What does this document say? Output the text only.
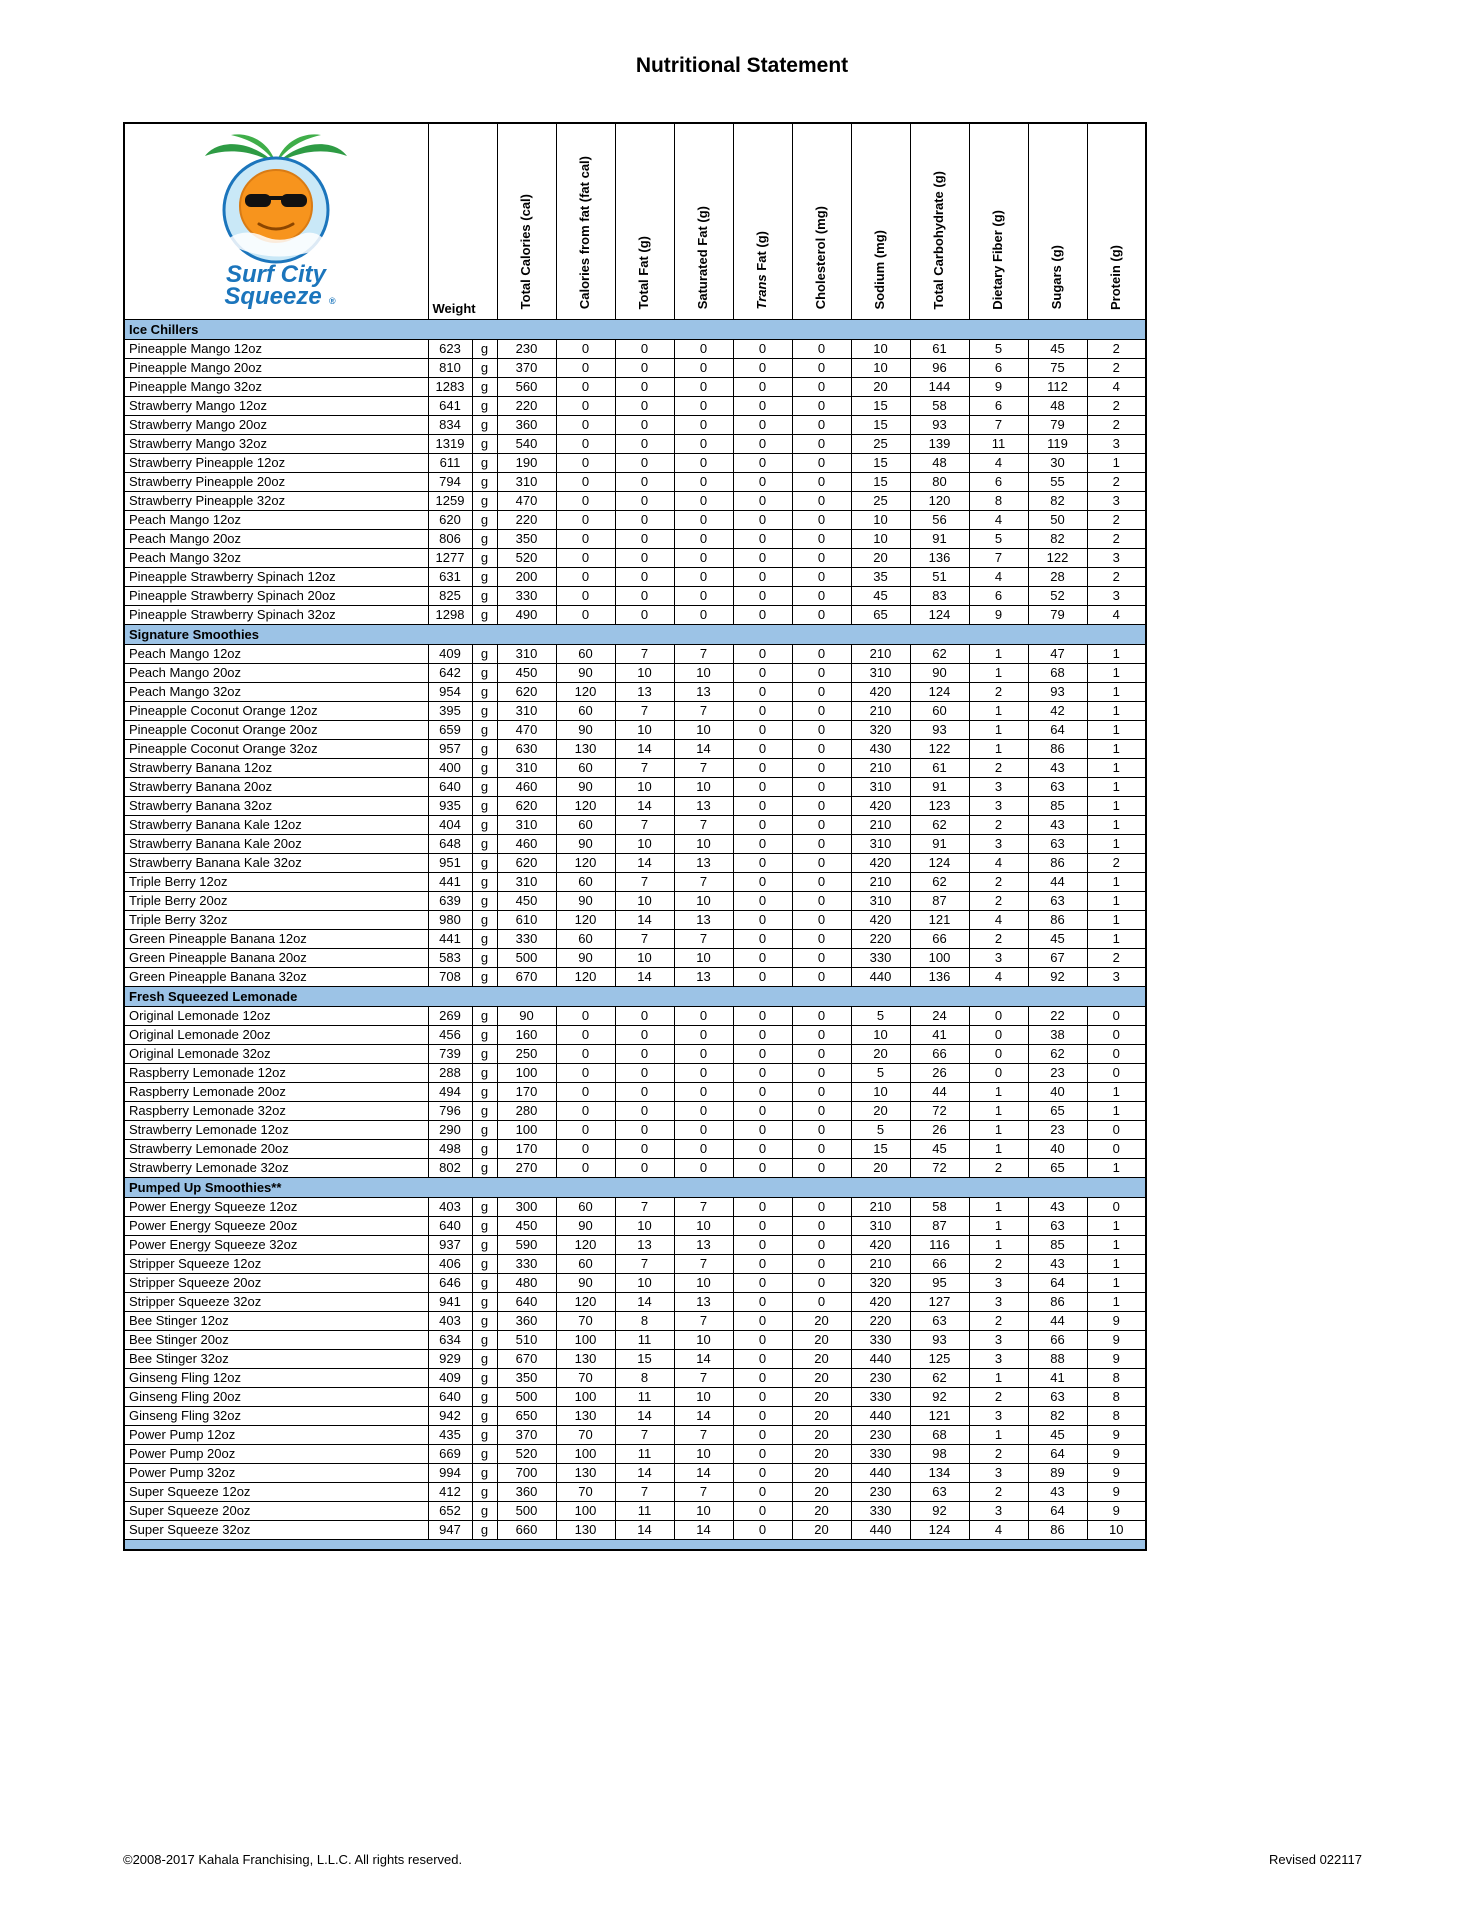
Nutritional Statement
Surf City
Squeeze ®	Weight		Total Calories (cal)	Calories from fat (fat cal)	Total Fat (g)	Saturated Fat (g)	Trans Fat (g)	Cholesterol (mg)	Sodium (mg)	Total Carbohydrate (g)	Dietary Fiber (g)	Sugars (g)	Protein (g)
Ice Chillers													
Pineapple Mango 12oz	623	g	230	0	0	0	0	0	10	61	5	45	2
Pineapple Mango 20oz	810	g	370	0	0	0	0	0	10	96	6	75	2
Pineapple Mango 32oz	1283	g	560	0	0	0	0	0	20	144	9	112	4
Strawberry Mango 12oz	641	g	220	0	0	0	0	0	15	58	6	48	2
Strawberry Mango 20oz	834	g	360	0	0	0	0	0	15	93	7	79	2
Strawberry Mango 32oz	1319	g	540	0	0	0	0	0	25	139	11	119	3
Strawberry Pineapple 12oz	611	g	190	0	0	0	0	0	15	48	4	30	1
Strawberry Pineapple 20oz	794	g	310	0	0	0	0	0	15	80	6	55	2
Strawberry Pineapple 32oz	1259	g	470	0	0	0	0	0	25	120	8	82	3
Peach Mango 12oz	620	g	220	0	0	0	0	0	10	56	4	50	2
Peach Mango 20oz	806	g	350	0	0	0	0	0	10	91	5	82	2
Peach Mango 32oz	1277	g	520	0	0	0	0	0	20	136	7	122	3
Pineapple Strawberry Spinach 12oz	631	g	200	0	0	0	0	0	35	51	4	28	2
Pineapple Strawberry Spinach 20oz	825	g	330	0	0	0	0	0	45	83	6	52	3
Pineapple Strawberry Spinach 32oz	1298	g	490	0	0	0	0	0	65	124	9	79	4
Signature Smoothies													
Peach Mango 12oz	409	g	310	60	7	7	0	0	210	62	1	47	1
Peach Mango 20oz	642	g	450	90	10	10	0	0	310	90	1	68	1
Peach Mango 32oz	954	g	620	120	13	13	0	0	420	124	2	93	1
Pineapple Coconut Orange 12oz	395	g	310	60	7	7	0	0	210	60	1	42	1
Pineapple Coconut Orange 20oz	659	g	470	90	10	10	0	0	320	93	1	64	1
Pineapple Coconut Orange 32oz	957	g	630	130	14	14	0	0	430	122	1	86	1
Strawberry Banana 12oz	400	g	310	60	7	7	0	0	210	61	2	43	1
Strawberry Banana 20oz	640	g	460	90	10	10	0	0	310	91	3	63	1
Strawberry Banana 32oz	935	g	620	120	14	13	0	0	420	123	3	85	1
Strawberry Banana Kale 12oz	404	g	310	60	7	7	0	0	210	62	2	43	1
Strawberry Banana Kale 20oz	648	g	460	90	10	10	0	0	310	91	3	63	1
Strawberry Banana Kale 32oz	951	g	620	120	14	13	0	0	420	124	4	86	2
Triple Berry 12oz	441	g	310	60	7	7	0	0	210	62	2	44	1
Triple Berry 20oz	639	g	450	90	10	10	0	0	310	87	2	63	1
Triple Berry 32oz	980	g	610	120	14	13	0	0	420	121	4	86	1
Green Pineapple Banana 12oz	441	g	330	60	7	7	0	0	220	66	2	45	1
Green Pineapple Banana 20oz	583	g	500	90	10	10	0	0	330	100	3	67	2
Green Pineapple Banana 32oz	708	g	670	120	14	13	0	0	440	136	4	92	3
Fresh Squeezed Lemonade													
Original Lemonade 12oz	269	g	90	0	0	0	0	0	5	24	0	22	0
Original Lemonade 20oz	456	g	160	0	0	0	0	0	10	41	0	38	0
Original Lemonade 32oz	739	g	250	0	0	0	0	0	20	66	0	62	0
Raspberry Lemonade 12oz	288	g	100	0	0	0	0	0	5	26	0	23	0
Raspberry Lemonade 20oz	494	g	170	0	0	0	0	0	10	44	1	40	1
Raspberry Lemonade 32oz	796	g	280	0	0	0	0	0	20	72	1	65	1
Strawberry Lemonade 12oz	290	g	100	0	0	0	0	0	5	26	1	23	0
Strawberry Lemonade 20oz	498	g	170	0	0	0	0	0	15	45	1	40	0
Strawberry Lemonade 32oz	802	g	270	0	0	0	0	0	20	72	2	65	1
Pumped Up Smoothies**													
Power Energy Squeeze 12oz	403	g	300	60	7	7	0	0	210	58	1	43	0
Power Energy Squeeze 20oz	640	g	450	90	10	10	0	0	310	87	1	63	1
Power Energy Squeeze 32oz	937	g	590	120	13	13	0	0	420	116	1	85	1
Stripper Squeeze 12oz	406	g	330	60	7	7	0	0	210	66	2	43	1
Stripper Squeeze 20oz	646	g	480	90	10	10	0	0	320	95	3	64	1
Stripper Squeeze 32oz	941	g	640	120	14	13	0	0	420	127	3	86	1
Bee Stinger 12oz	403	g	360	70	8	7	0	20	220	63	2	44	9
Bee Stinger 20oz	634	g	510	100	11	10	0	20	330	93	3	66	9
Bee Stinger 32oz	929	g	670	130	15	14	0	20	440	125	3	88	9
Ginseng Fling 12oz	409	g	350	70	8	7	0	20	230	62	1	41	8
Ginseng Fling 20oz	640	g	500	100	11	10	0	20	330	92	2	63	8
Ginseng Fling 32oz	942	g	650	130	14	14	0	20	440	121	3	82	8
Power Pump 12oz	435	g	370	70	7	7	0	20	230	68	1	45	9
Power Pump 20oz	669	g	520	100	11	10	0	20	330	98	2	64	9
Power Pump 32oz	994	g	700	130	14	14	0	20	440	134	3	89	9
Super Squeeze 12oz	412	g	360	70	7	7	0	20	230	63	2	43	9
Super Squeeze 20oz	652	g	500	100	11	10	0	20	330	92	3	64	9
Super Squeeze 32oz	947	g	660	130	14	14	0	20	440	124	4	86	10

©2008-2017 Kahala Franchising, L.L.C. All rights reserved.	Revised 022117
